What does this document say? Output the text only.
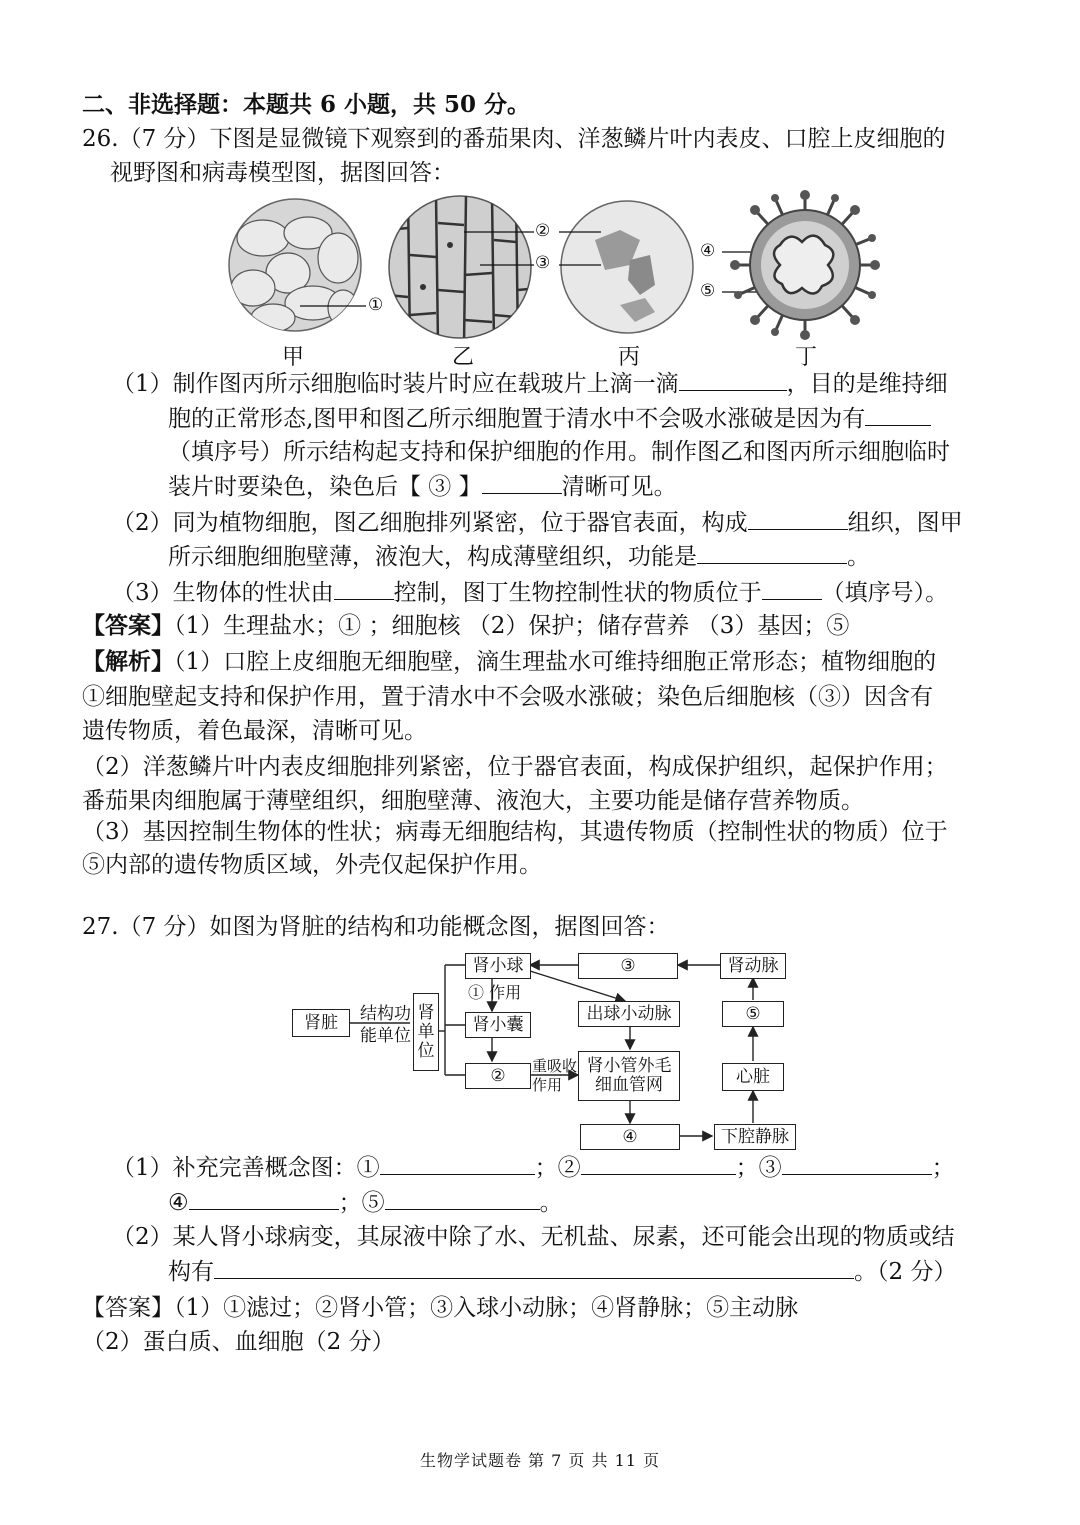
二、非选择题：本题共 6 小题，共 50 分。
26.（7 分）下图是显微镜下观察到的番茄果肉、洋葱鳞片叶内表皮、口腔上皮细胞的
视野图和病毒模型图，据图回答：
①
②
③
④
⑤
甲	乙	丙	丁
（1）制作图丙所示细胞临时装片时应在载玻片上滴一滴	，目的是维持细
胞的正常形态,图甲和图乙所示细胞置于清水中不会吸水涨破是因为有
（填序号）所示结构起支持和保护细胞的作用。制作图乙和图丙所示细胞临时
装片时要染色，染色后【 ③ 】	清晰可见。
（2）同为植物细胞，图乙细胞排列紧密，位于器官表面，构成	组织，图甲
所示细胞细胞壁薄，液泡大，构成薄壁组织，功能是	。
（3）生物体的性状由	控制，图丁生物控制性状的物质位于	（填序号）。
【答案】（1）生理盐水；① ；细胞核 （2）保护；储存营养 （3）基因；⑤
【解析】（1）口腔上皮细胞无细胞壁，滴生理盐水可维持细胞正常形态；植物细胞的
①细胞壁起支持和保护作用，置于清水中不会吸水涨破；染色后细胞核（③）因含有
遗传物质，着色最深，清晰可见。
（2）洋葱鳞片叶内表皮细胞排列紧密，位于器官表面，构成保护组织，起保护作用；
番茄果肉细胞属于薄壁组织，细胞壁薄、液泡大，主要功能是储存营养物质。
（3）基因控制生物体的性状；病毒无细胞结构，其遗传物质（控制性状的物质）位于
⑤内部的遗传物质区域，外壳仅起保护作用。
27.（7 分）如图为肾脏的结构和功能概念图，据图回答：
肾脏	结构功
能单位
肾
单
位
肾小球
① 作用
肾小囊
②	重吸收
作用
③	肾动脉
出球小动脉	⑤
肾小管外毛
细血管网	心脏
④	下腔静脉
（1）补充完善概念图：①	；②	；③	；
④	；⑤	。
（2）某人肾小球病变，其尿液中除了水、无机盐、尿素，还可能会出现的物质或结
构有	。（2 分）
【答案】（1）①滤过；②肾小管；③入球小动脉；④肾静脉；⑤主动脉
（2）蛋白质、血细胞（2 分）
生物学试题卷 第 7 页 共 11 页
